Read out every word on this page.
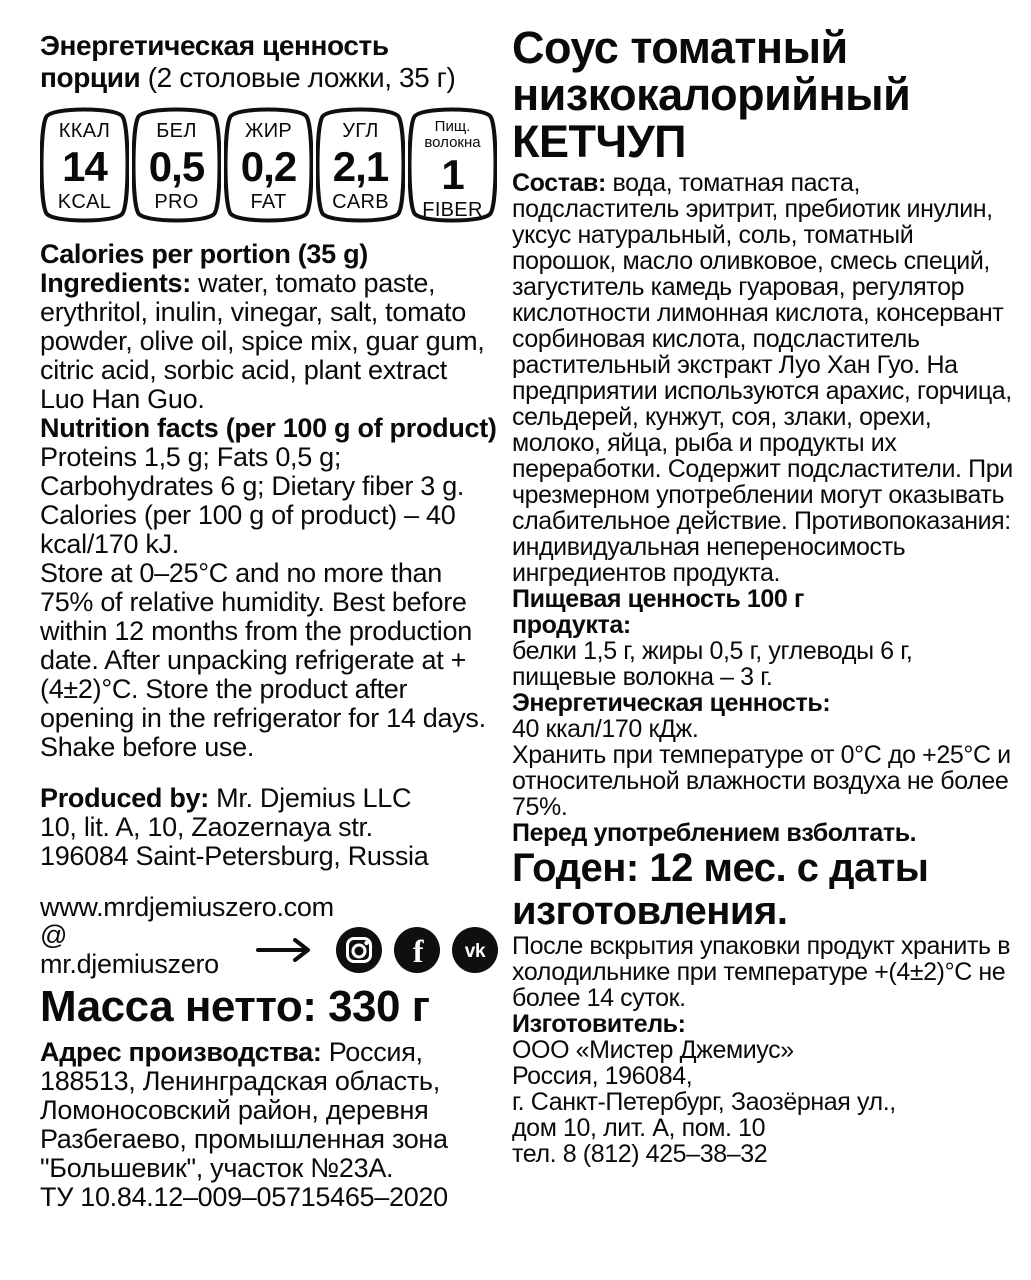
Энергетическая ценность
порции (2 столовые ложки, 35 г)
ККАЛ
14
KCAL
БЕЛ
0,5
PRO
ЖИР
0,2
FAT
УГЛ
2,1
CARB
Пищ.
волокна
1
FIBER

Calories per portion (35 g)

Ingredients: water, tomato paste, erythritol, inulin, vinegar, salt, tomato powder, olive oil, spice mix, guar gum, citric acid, sorbic acid, plant extract Luo Han Guo.

Nutrition facts (per 100 g of product)

Proteins 1,5 g; Fats 0,5 g; Carbohydrates 6 g; Dietary fiber 3 g. Calories (per 100 g of product) – 40 kcal/170 kJ.

Store at 0–25°C and no more than 75% of relative humidity. Best before within 12 months from the production date. After unpacking refrigerate at +(4±2)°C. Store the product after opening in the refrigerator for 14 days. Shake before use.

Produced by: Mr. Djemius LLC

10, lit. A, 10, Zaozernaya str.

196084 Saint-Petersburg, Russia

www.mrdjemiuszero.com

@ mr.djemiuszero	f vk
Масса нетто: 330 г

Адрес производства: Россия, 188513, Ленинградская область, Ломоносовский район, деревня Разбегаево, промышленная зона "Большевик", участок №23А.

ТУ 10.84.12–009–05715465–2020

Соус томатный
низкокалорийный
КЕТЧУП

Состав: вода, томатная паста, подсластитель эритрит, пребиотик инулин, уксус натуральный, соль, томатный порошок, масло оливковое, смесь специй, загуститель камедь гуаровая, регулятор кислотности лимонная кислота, консервант сорбиновая кислота, подсластитель растительный экстракт Луо Хан Гуо. На предприятии используются арахис, горчица, сельдерей, кунжут, соя, злаки, орехи, молоко, яйца, рыба и продукты их переработки. Содержит подсластители. При чрезмерном употреблении могут оказывать слабительное действие. Противопоказания: индивидуальная непереносимость ингредиентов продукта.

Пищевая ценность 100 г

продукта:

белки 1,5 г, жиры 0,5 г, углеводы 6 г, пищевые волокна – 3 г.

Энергетическая ценность:

40 ккал/170 кДж.

Хранить при температуре от 0°С до +25°С и относительной влажности воздуха не более 75%.

Перед употреблением взболтать.

Годен: 12 мес. с даты изготовления.

После вскрытия упаковки продукт хранить в холодильнике при температуре +(4±2)°С не более 14 суток.

Изготовитель:

ООО «Мистер Джемиус»

Россия, 196084,

г. Санкт-Петербург, Заозёрная ул.,

дом 10, лит. А, пом. 10

тел. 8 (812) 425–38–32
